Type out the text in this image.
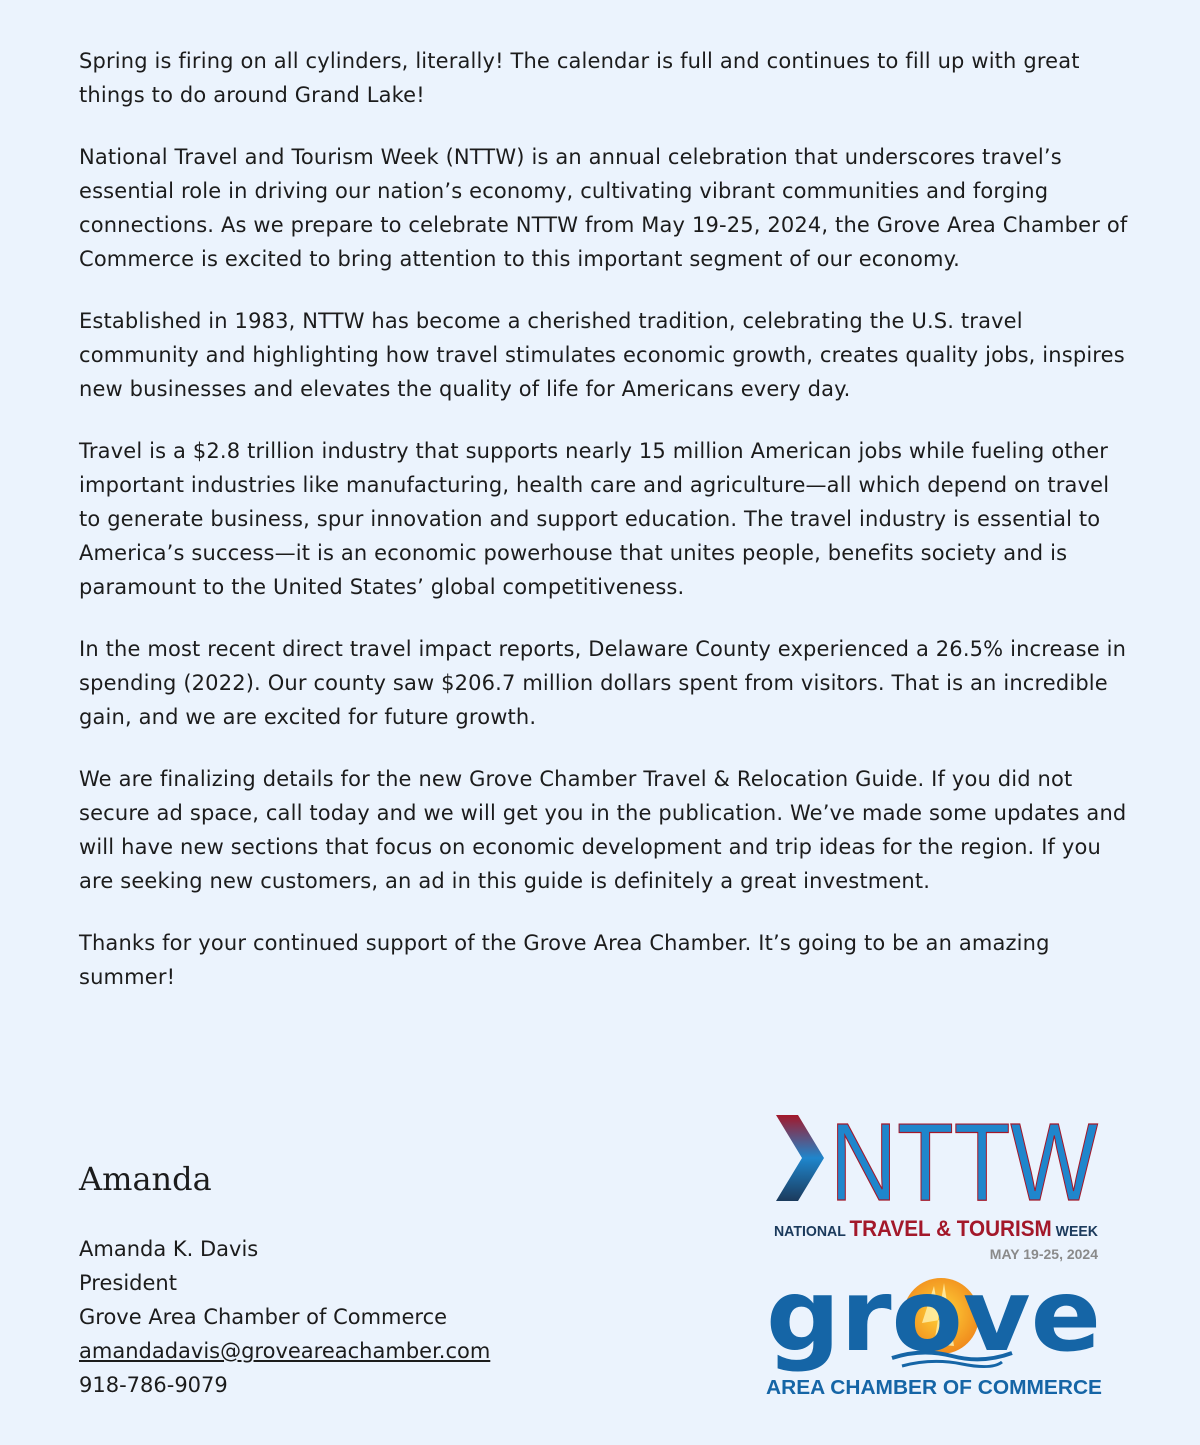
Spring is firing on all cylinders, literally! The calendar is full and continues to fill up with great things to do around Grand Lake!

National Travel and Tourism Week (NTTW) is an annual celebration that underscores travel’s essential role in driving our nation’s economy, cultivating vibrant communities and forging connections. As we prepare to celebrate NTTW from May 19-25, 2024, the Grove Area Chamber of Commerce is excited to bring attention to this important segment of our economy.

Established in 1983, NTTW has become a cherished tradition, celebrating the U.S. travel community and highlighting how travel stimulates economic growth, creates quality jobs, inspires new businesses and elevates the quality of life for Americans every day.

Travel is a $2.8 trillion industry that supports nearly 15 million American jobs while fueling other important industries like manufacturing, health care and agriculture—all which depend on travel to generate business, spur innovation and support education. The travel industry is essential to America’s success—it is an economic powerhouse that unites people, benefits society and is paramount to the United States’ global competitiveness.

In the most recent direct travel impact reports, Delaware County experienced a 26.5% increase in spending (2022). Our county saw $206.7 million dollars spent from visitors. That is an incredible gain, and we are excited for future growth.

We are finalizing details for the new Grove Chamber Travel & Relocation Guide. If you did not secure ad space, call today and we will get you in the publication. We’ve made some updates and will have new sections that focus on economic development and trip ideas for the region. If you are seeking new customers, an ad in this guide is definitely a great investment.

Thanks for your continued support of the Grove Area Chamber. It’s going to be an amazing summer!

Amanda
Amanda K. Davis
President
Grove Area Chamber of Commerce
amandadavis@groveareachamber.com
918-786-9079
NTTW
NATIONAL TRAVEL & TOURISM WEEK
MAY 19-25, 2024
grove
AREA CHAMBER OF COMMERCE
